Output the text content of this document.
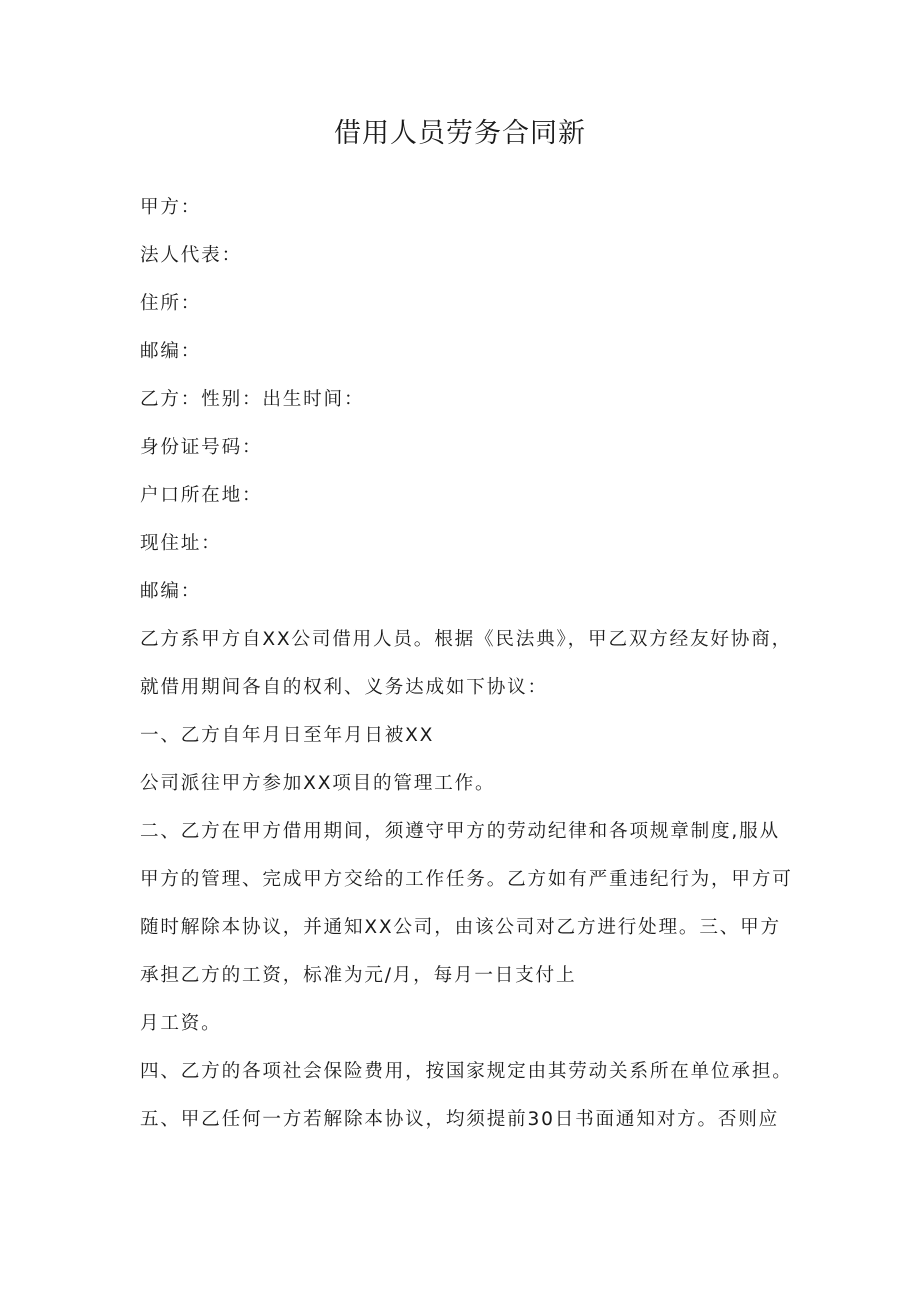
借用人员劳务合同新

甲方：

法人代表：

住所：

邮编：

乙方：性别：出生时间：

身份证号码：

户口所在地：

现住址：

邮编：

乙方系甲方自XX公司借用人员。根据《民法典》，甲乙双方经友好协商，

就借用期间各自的权利、义务达成如下协议：

一、乙方自年月日至年月日被XX

公司派往甲方参加XX项目的管理工作。

二、乙方在甲方借用期间，须遵守甲方的劳动纪律和各项规章制度,服从

甲方的管理、完成甲方交给的工作任务。乙方如有严重违纪行为，甲方可

随时解除本协议，并通知XX公司，由该公司对乙方进行处理。三、甲方

承担乙方的工资，标准为元/月，每月一日支付上

月工资。

四、乙方的各项社会保险费用，按国家规定由其劳动关系所在单位承担。

五、甲乙任何一方若解除本协议，均须提前30日书面通知对方。否则应
